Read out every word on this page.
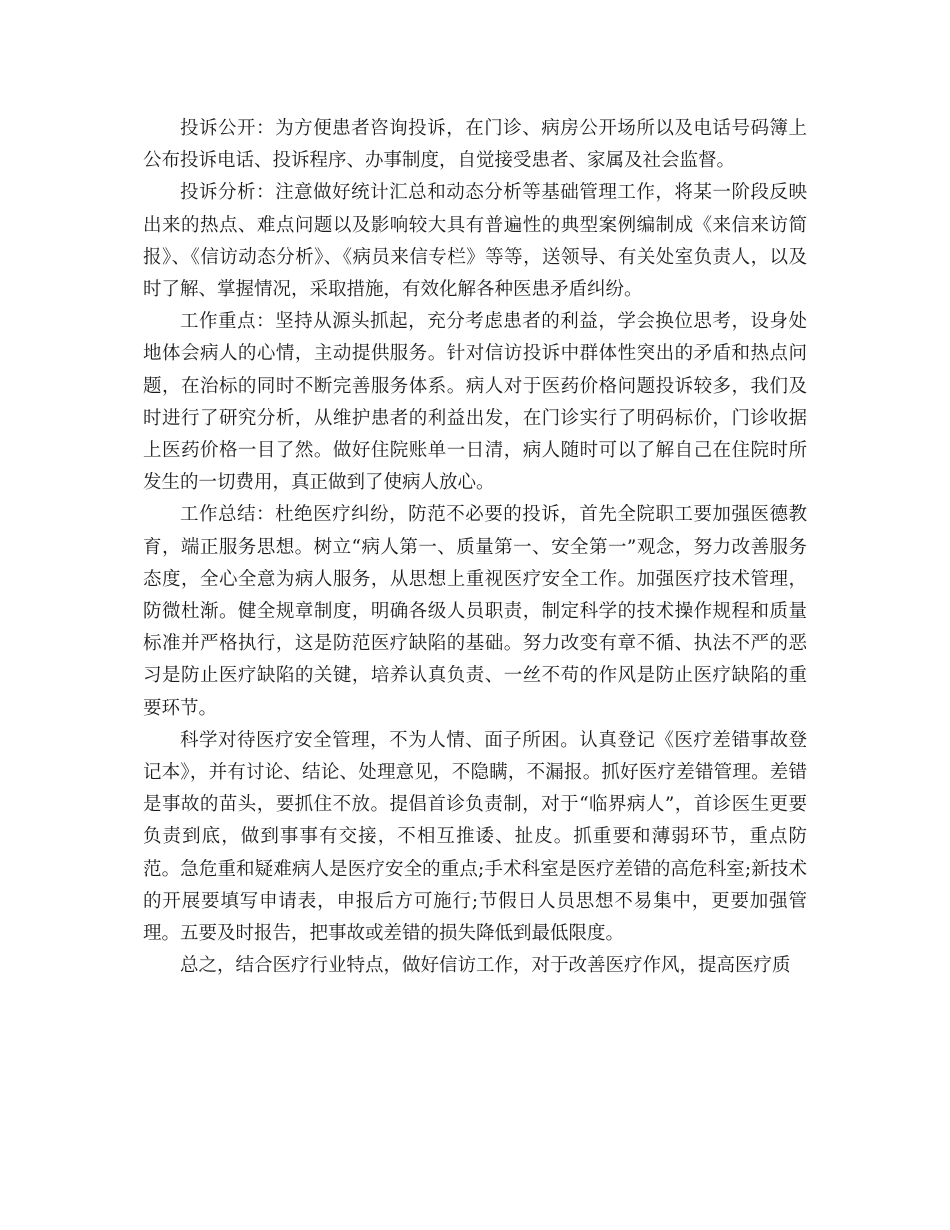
投诉公开：为方便患者咨询投诉，在门诊、病房公开场所以及电话号码簿上公布投诉电话、投诉程序、办事制度，自觉接受患者、家属及社会监督。

投诉分析：注意做好统计汇总和动态分析等基础管理工作，将某一阶段反映出来的热点、难点问题以及影响较大具有普遍性的典型案例编制成《来信来访简报》、《信访动态分析》、《病员来信专栏》等等，送领导、有关处室负责人，以及时了解、掌握情况，采取措施，有效化解各种医患矛盾纠纷。

工作重点：坚持从源头抓起，充分考虑患者的利益，学会换位思考，设身处地体会病人的心情，主动提供服务。针对信访投诉中群体性突出的矛盾和热点问题，在治标的同时不断完善服务体系。病人对于医药价格问题投诉较多，我们及时进行了研究分析，从维护患者的利益出发，在门诊实行了明码标价，门诊收据上医药价格一目了然。做好住院账单一日清，病人随时可以了解自己在住院时所发生的一切费用，真正做到了使病人放心。

工作总结：杜绝医疗纠纷，防范不必要的投诉，首先全院职工要加强医德教育，端正服务思想。树立“病人第一、质量第一、安全第一”观念，努力改善服务态度，全心全意为病人服务，从思想上重视医疗安全工作。加强医疗技术管理，防微杜渐。健全规章制度，明确各级人员职责，制定科学的技术操作规程和质量标准并严格执行，这是防范医疗缺陷的基础。努力改变有章不循、执法不严的恶习是防止医疗缺陷的关键，培养认真负责、一丝不苟的作风是防止医疗缺陷的重要环节。

科学对待医疗安全管理，不为人情、面子所困。认真登记《医疗差错事故登记本》，并有讨论、结论、处理意见，不隐瞒，不漏报。抓好医疗差错管理。差错是事故的苗头，要抓住不放。提倡首诊负责制，对于“临界病人”，首诊医生更要负责到底，做到事事有交接，不相互推诿、扯皮。抓重要和薄弱环节，重点防范。急危重和疑难病人是医疗安全的重点;手术科室是医疗差错的高危科室;新技术的开展要填写申请表，申报后方可施行;节假日人员思想不易集中，更要加强管理。五要及时报告，把事故或差错的损失降低到最低限度。

总之，结合医疗行业特点，做好信访工作，对于改善医疗作风，提高医疗质
